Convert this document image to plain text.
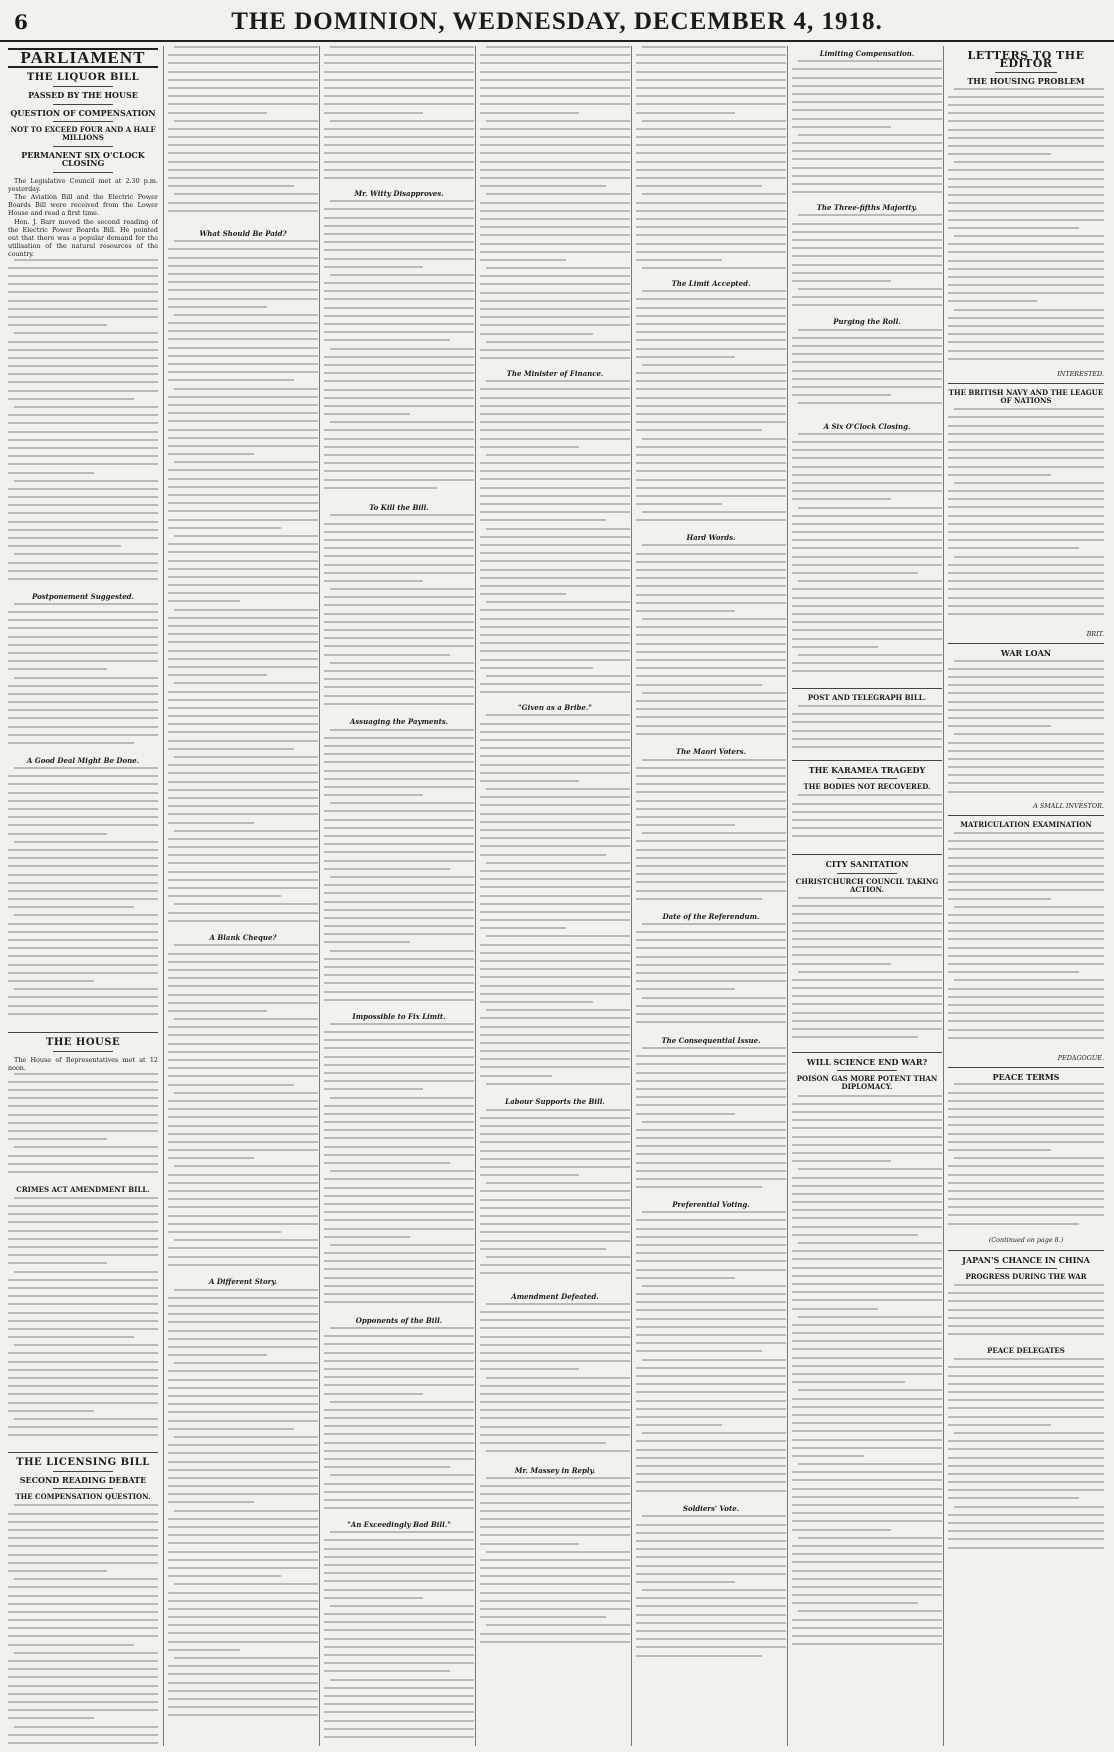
6	THE DOMINION, WEDNESDAY, DECEMBER 4, 1918.
PARLIAMENT
THE LIQUOR BILL
PASSED BY THE HOUSE
QUESTION OF COMPENSATION
NOT TO EXCEED FOUR AND A HALF MILLIONS
PERMANENT SIX O'CLOCK CLOSING

The Legislative Council met at 2.30 p.m. yesterday.

The Aviation Bill and the Electric Power Boards Bill were received from the Lower House and read a first time.

Hon. J. Barr moved the second reading of the Electric Power Boards Bill. He pointed out that there was a popular demand for the utilisation of the natural resources of the country.

Postponement Suggested.
A Good Deal Might Be Done.
THE HOUSE

The House of Representatives met at 12 noon.

CRIMES ACT AMENDMENT BILL.
THE LICENSING BILL
SECOND READING DEBATE
THE COMPENSATION QUESTION.
What Should Be Paid?
A Blank Cheque?
A Different Story.
Mr. Witty Disapproves.
To Kill the Bill.
Assuaging the Payments.
Impossible to Fix Limit.
Opponents of the Bill.
"An Exceedingly Bad Bill."
The Minister of Finance.
"Given as a Bribe."
Labour Supports the Bill.
Amendment Defeated.
Mr. Massey in Reply.
The Limit Accepted.
Hard Words.
The Maori Voters.
Date of the Referendum.
The Consequential Issue.
Preferential Voting.
Soldiers' Vote.
Limiting Compensation.
The Three-fifths Majority.
Purging the Roll.
A Six O'Clock Closing.
POST AND TELEGRAPH BILL.
THE KARAMEA TRAGEDY
THE BODIES NOT RECOVERED.
CITY SANITATION
CHRISTCHURCH COUNCIL TAKING ACTION.
WILL SCIENCE END WAR?
POISON GAS MORE POTENT THAN DIPLOMACY.
LETTERS TO THE EDITOR
THE HOUSING PROBLEM
INTERESTED.
THE BRITISH NAVY AND THE LEAGUE OF NATIONS
BRIT.
WAR LOAN
A SMALL INVESTOR.
MATRICULATION EXAMINATION
PEDAGOGUE.
PEACE TERMS
(Continued on page 8.)
JAPAN'S CHANCE IN CHINA
PROGRESS DURING THE WAR
PEACE DELEGATES
